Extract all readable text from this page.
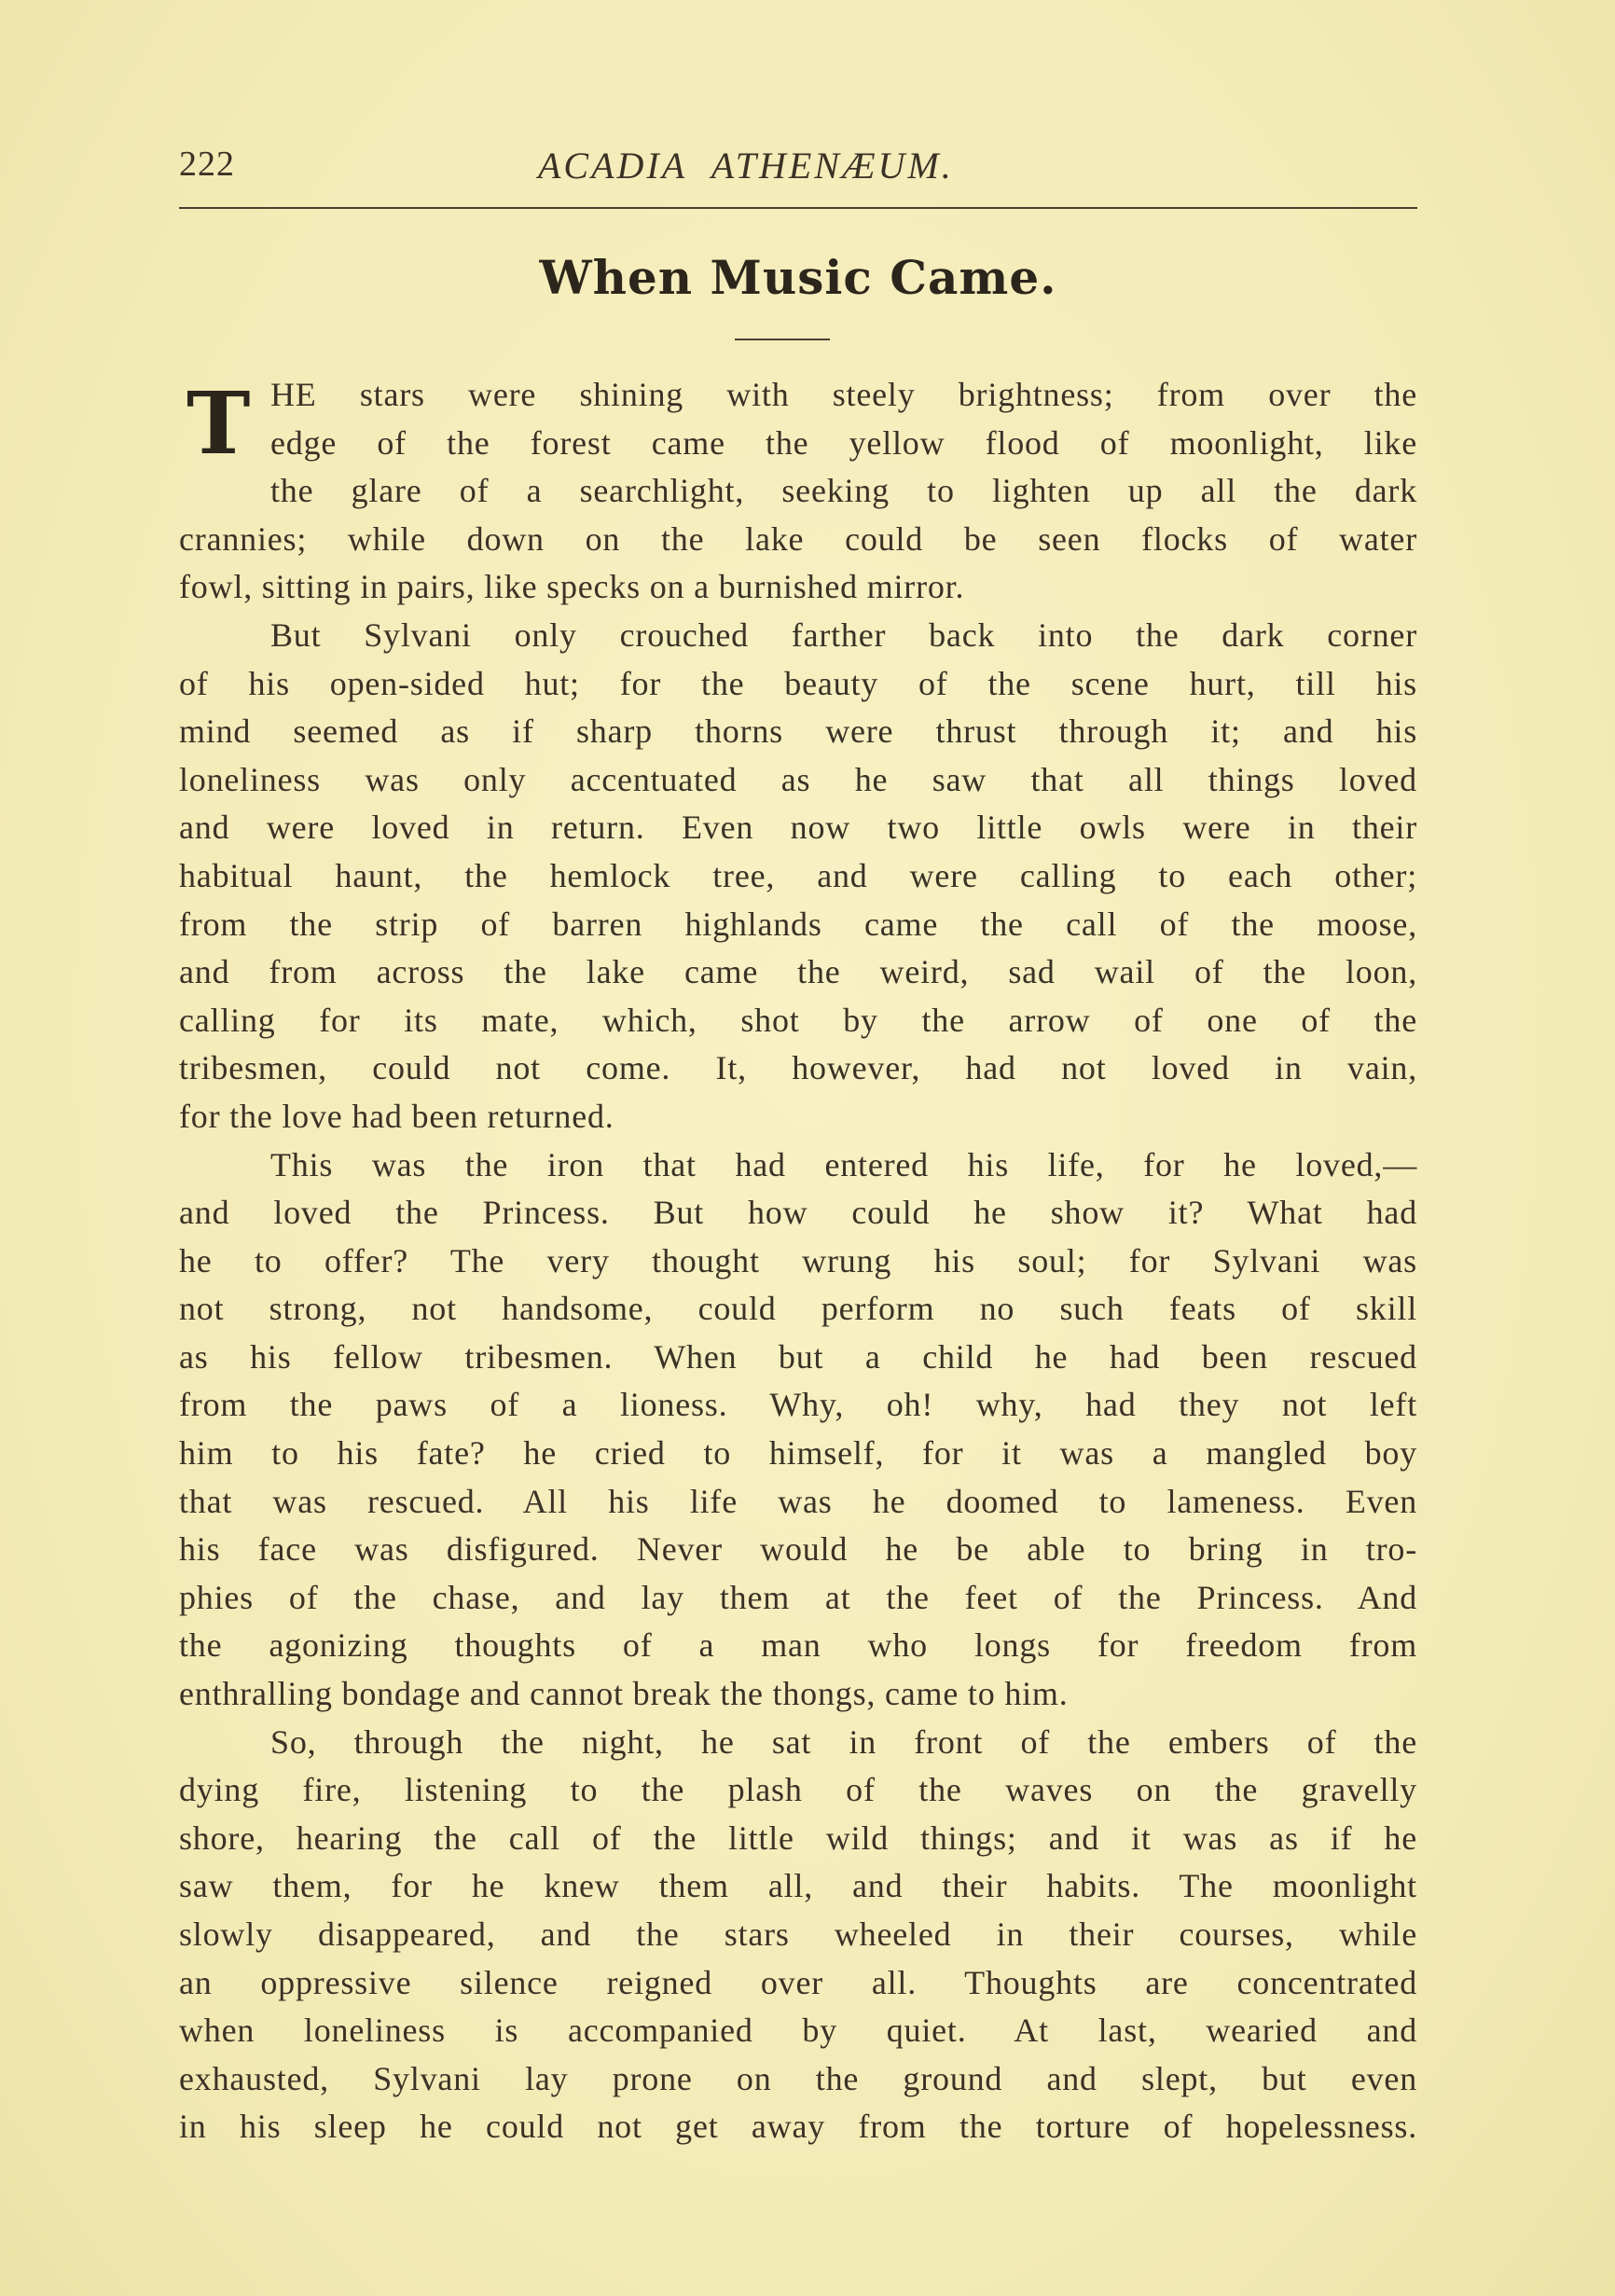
222	ACADIA ATHENÆUM.
When Music Came.
T HE stars were shining with steely brightness; from over the
edge of the forest came the yellow flood of moonlight, like
the glare of a searchlight, seeking to lighten up all the dark
crannies; while down on the lake could be seen flocks of water
fowl, sitting in pairs, like specks on a burnished mirror.
But Sylvani only crouched farther back into the dark corner
of his open-sided hut; for the beauty of the scene hurt, till his
mind seemed as if sharp thorns were thrust through it; and his
loneliness was only accentuated as he saw that all things loved
and were loved in return. Even now two little owls were in their
habitual haunt, the hemlock tree, and were calling to each other;
from the strip of barren highlands came the call of the moose,
and from across the lake came the weird, sad wail of the loon,
calling for its mate, which, shot by the arrow of one of the
tribesmen, could not come. It, however, had not loved in vain,
for the love had been returned.
This was the iron that had entered his life, for he loved,—
and loved the Princess. But how could he show it? What had
he to offer? The very thought wrung his soul; for Sylvani was
not strong, not handsome, could perform no such feats of skill
as his fellow tribesmen. When but a child he had been rescued
from the paws of a lioness. Why, oh! why, had they not left
him to his fate? he cried to himself, for it was a mangled boy
that was rescued. All his life was he doomed to lameness. Even
his face was disfigured. Never would he be able to bring in tro-
phies of the chase, and lay them at the feet of the Princess. And
the agonizing thoughts of a man who longs for freedom from
enthralling bondage and cannot break the thongs, came to him.
So, through the night, he sat in front of the embers of the
dying fire, listening to the plash of the waves on the gravelly
shore, hearing the call of the little wild things; and it was as if he
saw them, for he knew them all, and their habits. The moonlight
slowly disappeared, and the stars wheeled in their courses, while
an oppressive silence reigned over all. Thoughts are concentrated
when loneliness is accompanied by quiet. At last, wearied and
exhausted, Sylvani lay prone on the ground and slept, but even
in his sleep he could not get away from the torture of hopelessness.
